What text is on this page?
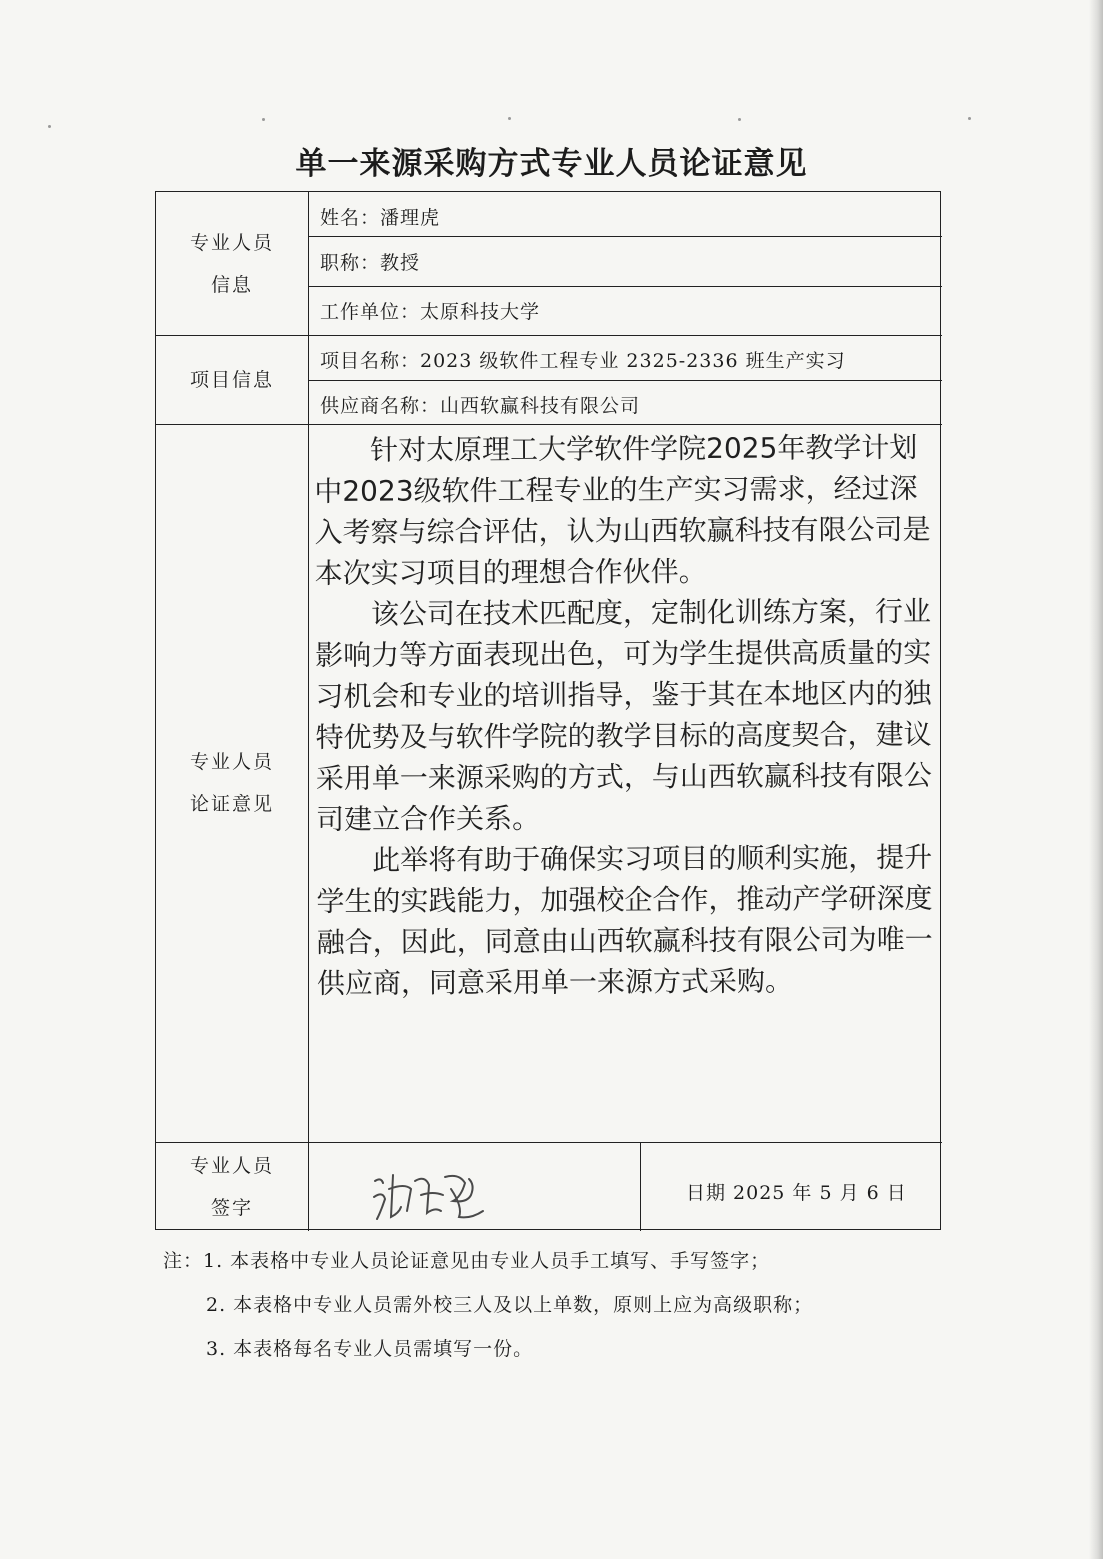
单一来源采购方式专业人员论证意见
专业人员
信息
姓名：潘理虎
职称：教授
工作单位：太原科技大学
项目信息
项目名称：2023 级软件工程专业 2325-2336 班生产实习
供应商名称：山西软赢科技有限公司
专业人员
论证意见

针对太原理工大学软件学院2025年教学计划中2023级软件工程专业的生产实习需求，经过深入考察与综合评估，认为山西软赢科技有限公司是本次实习项目的理想合作伙伴。

该公司在技术匹配度，定制化训练方案，行业影响力等方面表现出色，可为学生提供高质量的实习机会和专业的培训指导，鉴于其在本地区内的独特优势及与软件学院的教学目标的高度契合，建议采用单一来源采购的方式，与山西软赢科技有限公司建立合作关系。

此举将有助于确保实习项目的顺利实施，提升学生的实践能力，加强校企合作，推动产学研深度融合，因此，同意由山西软赢科技有限公司为唯一供应商，同意采用单一来源方式采购。

专业人员
签字
日期 2025 年 5 月 6 日
注：1. 本表格中专业人员论证意见由专业人员手工填写、手写签字；
2. 本表格中专业人员需外校三人及以上单数，原则上应为高级职称；
3. 本表格每名专业人员需填写一份。
